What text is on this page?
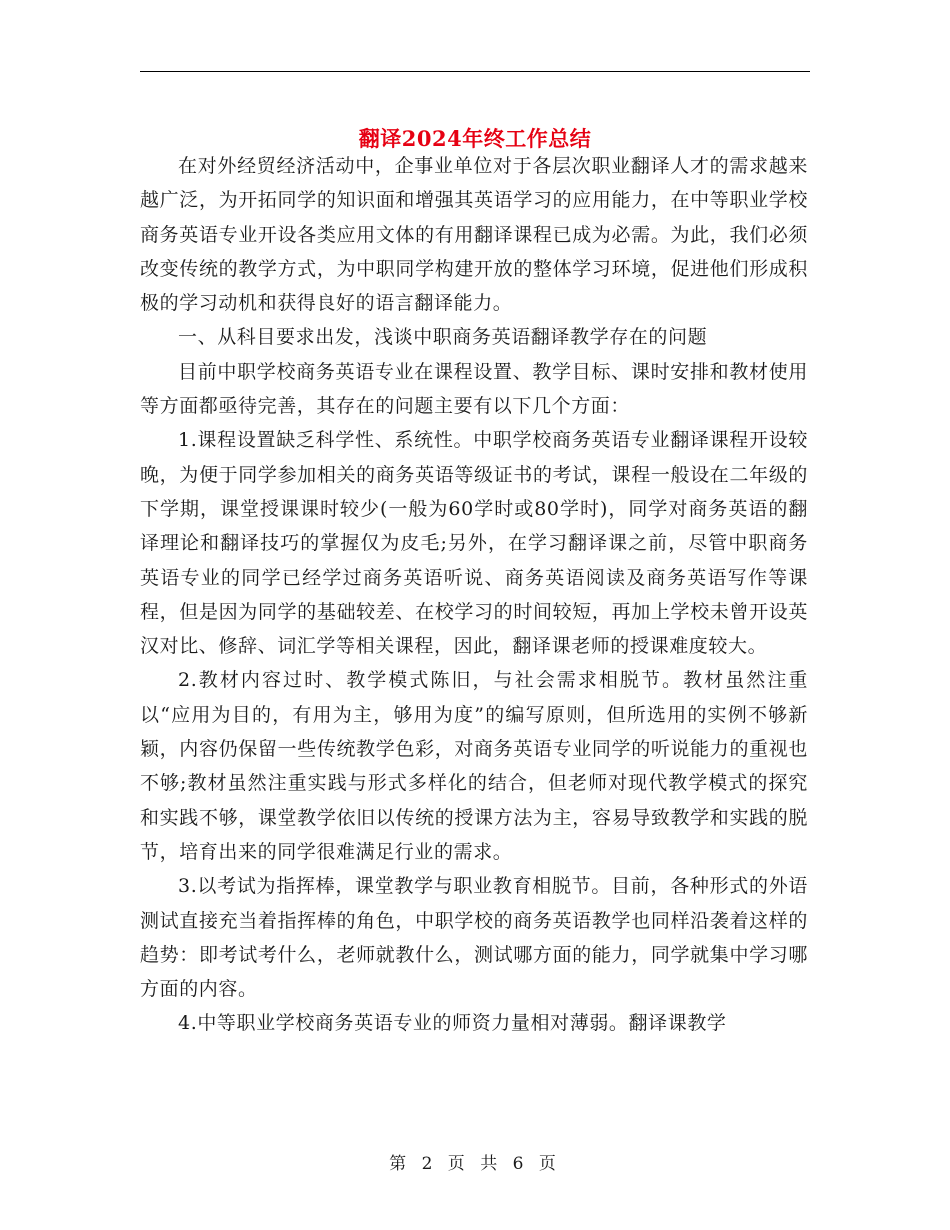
翻译2024年终工作总结

在对外经贸经济活动中，企事业单位对于各层次职业翻译人才的需求越来越广泛，为开拓同学的知识面和增强其英语学习的应用能力，在中等职业学校商务英语专业开设各类应用文体的有用翻译课程已成为必需。为此，我们必须改变传统的教学方式，为中职同学构建开放的整体学习环境，促进他们形成积极的学习动机和获得良好的语言翻译能力。

一、从科目要求出发，浅谈中职商务英语翻译教学存在的问题

目前中职学校商务英语专业在课程设置、教学目标、课时安排和教材使用等方面都亟待完善，其存在的问题主要有以下几个方面：

1.课程设置缺乏科学性、系统性。中职学校商务英语专业翻译课程开设较晚，为便于同学参加相关的商务英语等级证书的考试，课程一般设在二年级的下学期，课堂授课课时较少(一般为60学时或80学时)，同学对商务英语的翻译理论和翻译技巧的掌握仅为皮毛;另外，在学习翻译课之前，尽管中职商务英语专业的同学已经学过商务英语听说、商务英语阅读及商务英语写作等课程，但是因为同学的基础较差、在校学习的时间较短，再加上学校未曾开设英汉对比、修辞、词汇学等相关课程，因此，翻译课老师的授课难度较大。

2.教材内容过时、教学模式陈旧，与社会需求相脱节。教材虽然注重以“应用为目的，有用为主，够用为度”的编写原则，但所选用的实例不够新颖，内容仍保留一些传统教学色彩，对商务英语专业同学的听说能力的重视也不够;教材虽然注重实践与形式多样化的结合，但老师对现代教学模式的探究和实践不够，课堂教学依旧以传统的授课方法为主，容易导致教学和实践的脱节，培育出来的同学很难满足行业的需求。

3.以考试为指挥棒，课堂教学与职业教育相脱节。目前，各种形式的外语测试直接充当着指挥棒的角色，中职学校的商务英语教学也同样沿袭着这样的趋势：即考试考什么，老师就教什么，测试哪方面的能力，同学就集中学习哪方面的内容。

4.中等职业学校商务英语专业的师资力量相对薄弱。翻译课教学

第 2 页 共 6 页
